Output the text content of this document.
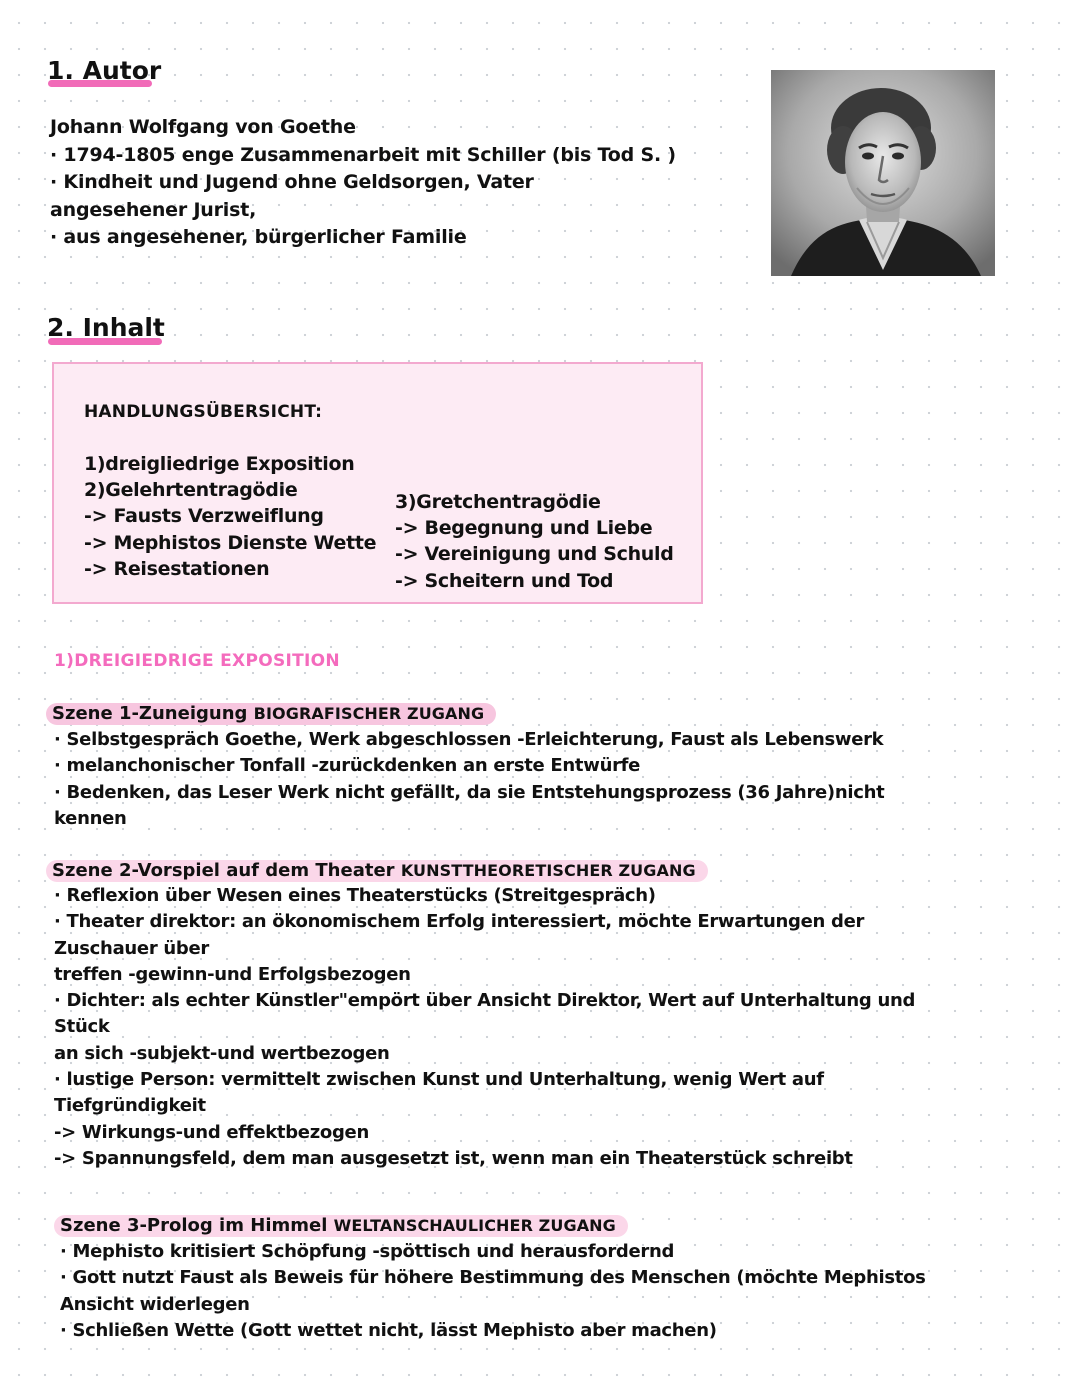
1. Autor
Johann Wolfgang von Goethe
· 1794-1805 enge Zusammenarbeit mit Schiller (bis Tod S. )
· Kindheit und Jugend ohne Geldsorgen, Vater
angesehener Jurist,
· aus angesehener, bürgerlicher Familie
2. Inhalt
HANDLUNGSÜBERSICHT:
1)dreigliedrige Exposition
2)Gelehrtentragödie
-> Fausts Verzweiflung
-> Mephistos Dienste Wette
-> Reisestationen
3)Gretchentragödie
-> Begegnung und Liebe
-> Vereinigung und Schuld
-> Scheitern und Tod
1)DREIGIEDRIGE EXPOSITION
Szene 1-Zuneigung BIOGRAFISCHER ZUGANG
· Selbstgespräch Goethe, Werk abgeschlossen -Erleichterung, Faust als Lebenswerk
· melanchonischer Tonfall -zurückdenken an erste Entwürfe
· Bedenken, das Leser Werk nicht gefällt, da sie Entstehungsprozess (36 Jahre)nicht
kennen
Szene 2-Vorspiel auf dem Theater KUNSTTHEORETISCHER ZUGANG
· Reflexion über Wesen eines Theaterstücks (Streitgespräch)
· Theater direktor: an ökonomischem Erfolg interessiert, möchte Erwartungen der
Zuschauer über
treffen -gewinn-und Erfolgsbezogen
· Dichter: als echter Künstler"empört über Ansicht Direktor, Wert auf Unterhaltung und
Stück
an sich -subjekt-und wertbezogen
· lustige Person: vermittelt zwischen Kunst und Unterhaltung, wenig Wert auf
Tiefgründigkeit
-> Wirkungs-und effektbezogen
-> Spannungsfeld, dem man ausgesetzt ist, wenn man ein Theaterstück schreibt
Szene 3-Prolog im Himmel WELTANSCHAULICHER ZUGANG
· Mephisto kritisiert Schöpfung -spöttisch und herausfordernd
· Gott nutzt Faust als Beweis für höhere Bestimmung des Menschen (möchte Mephistos
Ansicht widerlegen
· Schließen Wette (Gott wettet nicht, lässt Mephisto aber machen)
